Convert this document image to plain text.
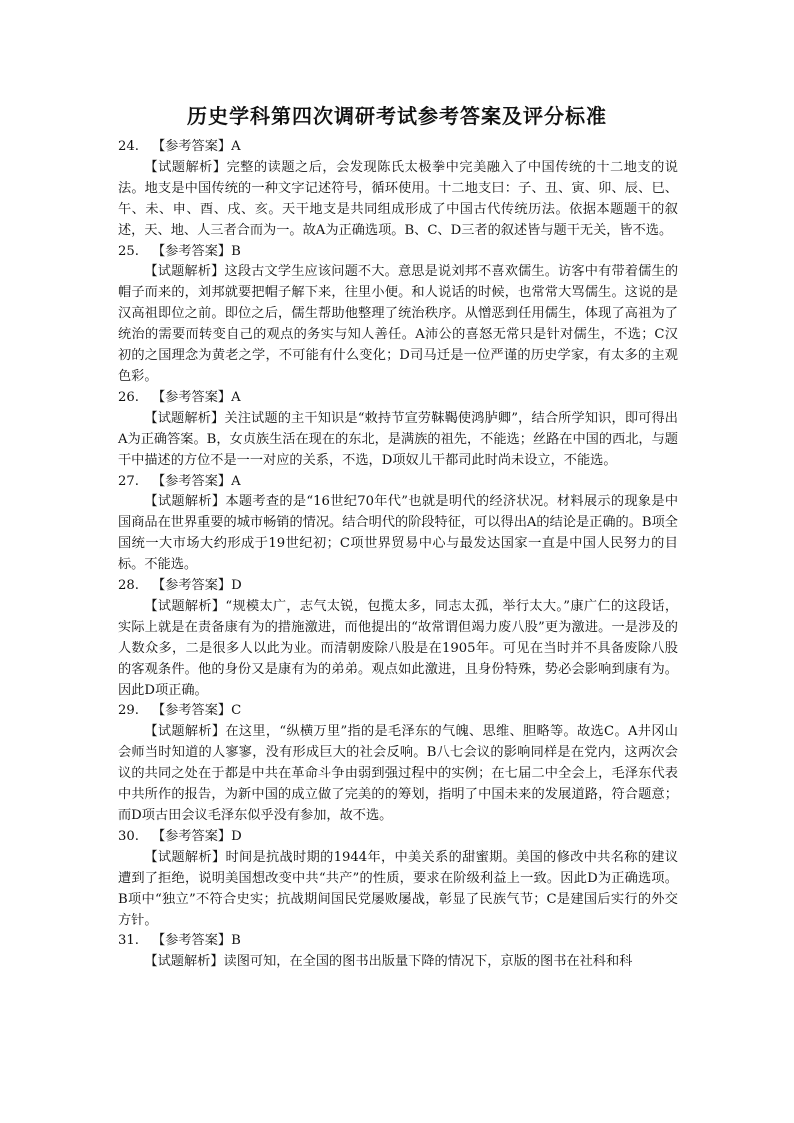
历史学科第四次调研考试参考答案及评分标准

24. 【参考答案】A

【试题解析】完整的读题之后，会发现陈氏太极拳中完美融入了中国传统的十二地支的说法。地支是中国传统的一种文字记述符号，循环使用。十二地支曰：子、丑、寅、卯、辰、巳、午、未、申、酉、戌、亥。天干地支是共同组成形成了中国古代传统历法。依据本题题干的叙述，天、地、人三者合而为一。故A为正确选项。B、C、D三者的叙述皆与题干无关，皆不选。

25. 【参考答案】B

【试题解析】这段古文学生应该问题不大。意思是说刘邦不喜欢儒生。访客中有带着儒生的帽子而来的，刘邦就要把帽子解下来，往里小便。和人说话的时候，也常常大骂儒生。这说的是汉高祖即位之前。即位之后，儒生帮助他整理了统治秩序。从憎恶到任用儒生，体现了高祖为了统治的需要而转变自己的观点的务实与知人善任。A沛公的喜怒无常只是针对儒生，不选；C汉初的之国理念为黄老之学，不可能有什么变化；D司马迁是一位严谨的历史学家，有太多的主观色彩。

26. 【参考答案】A

【试题解析】关注试题的主干知识是“敕持节宣劳靺鞨使鸿胪卿”，结合所学知识，即可得出A为正确答案。B，女贞族生活在现在的东北，是满族的祖先，不能选；丝路在中国的西北，与题干中描述的方位不是一一对应的关系，不选，D项奴儿干都司此时尚未设立，不能选。

27. 【参考答案】A

【试题解析】本题考查的是“16世纪70年代”也就是明代的经济状况。材料展示的现象是中国商品在世界重要的城市畅销的情况。结合明代的阶段特征，可以得出A的结论是正确的。B项全国统一大市场大约形成于19世纪初；C项世界贸易中心与最发达国家一直是中国人民努力的目标。不能选。

28. 【参考答案】D

【试题解析】“规模太广，志气太锐，包揽太多，同志太孤，举行太大。”康广仁的这段话，实际上就是在责备康有为的措施激进，而他提出的“故常谓但竭力废八股”更为激进。一是涉及的人数众多，二是很多人以此为业。而清朝废除八股是在1905年。可见在当时并不具备废除八股的客观条件。他的身份又是康有为的弟弟。观点如此激进，且身份特殊，势必会影响到康有为。因此D项正确。

29. 【参考答案】C

【试题解析】在这里，“纵横万里”指的是毛泽东的气魄、思维、胆略等。故选C。A井冈山会师当时知道的人寥寥，没有形成巨大的社会反响。B八七会议的影响同样是在党内，这两次会议的共同之处在于都是中共在革命斗争由弱到强过程中的实例；在七届二中全会上，毛泽东代表中共所作的报告，为新中国的成立做了完美的的筹划，指明了中国未来的发展道路，符合题意；而D项古田会议毛泽东似乎没有参加，故不选。

30. 【参考答案】D

【试题解析】时间是抗战时期的1944年，中美关系的甜蜜期。美国的修改中共名称的建议遭到了拒绝，说明美国想改变中共“共产”的性质，要求在阶级利益上一致。因此D为正确选项。B项中“独立”不符合史实；抗战期间国民党屡败屡战，彰显了民族气节；C是建国后实行的外交方针。

31. 【参考答案】B

【试题解析】读图可知，在全国的图书出版量下降的情况下，京版的图书在社科和科
